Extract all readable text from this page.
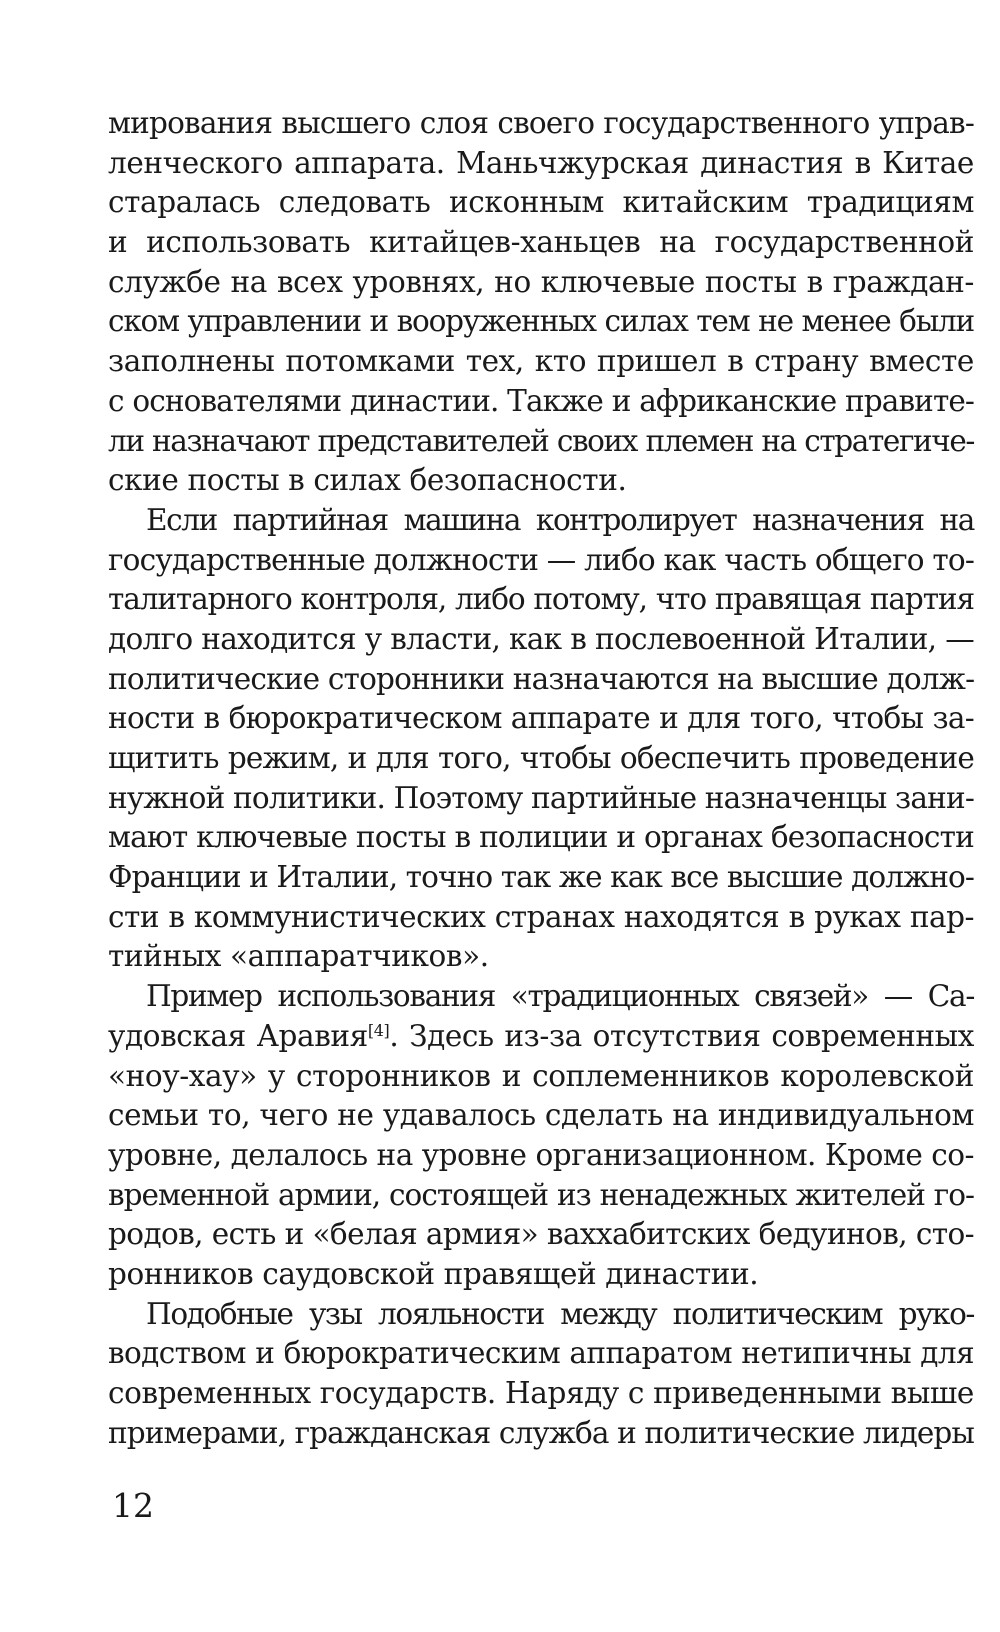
мирования высшего слоя своего государственного управ-
ленческого аппарата. Маньчжурская династия в Китае
старалась следовать исконным китайским традициям
и использовать китайцев-ханьцев на государственной
службе на всех уровнях, но ключевые посты в граждан-
ском управлении и вооруженных силах тем не менее были
заполнены потомками тех, кто пришел в страну вместе
с основателями династии. Также и африканские правите-
ли назначают представителей своих племен на стратегиче-
ские посты в силах безопасности.
Если партийная машина контролирует назначения на
государственные должности — либо как часть общего то-
талитарного контроля, либо потому, что правящая партия
долго находится у власти, как в послевоенной Италии, —
политические сторонники назначаются на высшие долж-
ности в бюрократическом аппарате и для того, чтобы за-
щитить режим, и для того, чтобы обеспечить проведение
нужной политики. Поэтому партийные назначенцы зани-
мают ключевые посты в полиции и органах безопасности
Франции и Италии, точно так же как все высшие должно-
сти в коммунистических странах находятся в руках пар-
тийных «аппаратчиков».
Пример использования «традиционных связей» — Са-
удовская Аравия[4]. Здесь из-за отсутствия современных
«ноу-хау» у сторонников и соплеменников королевской
семьи то, чего не удавалось сделать на индивидуальном
уровне, делалось на уровне организационном. Кроме со-
временной армии, состоящей из ненадежных жителей го-
родов, есть и «белая армия» ваххабитских бедуинов, сто-
ронников саудовской правящей династии.
Подобные узы лояльности между политическим руко-
водством и бюрократическим аппаратом нетипичны для
современных государств. Наряду с приведенными выше
примерами, гражданская служба и политические лидеры
12
